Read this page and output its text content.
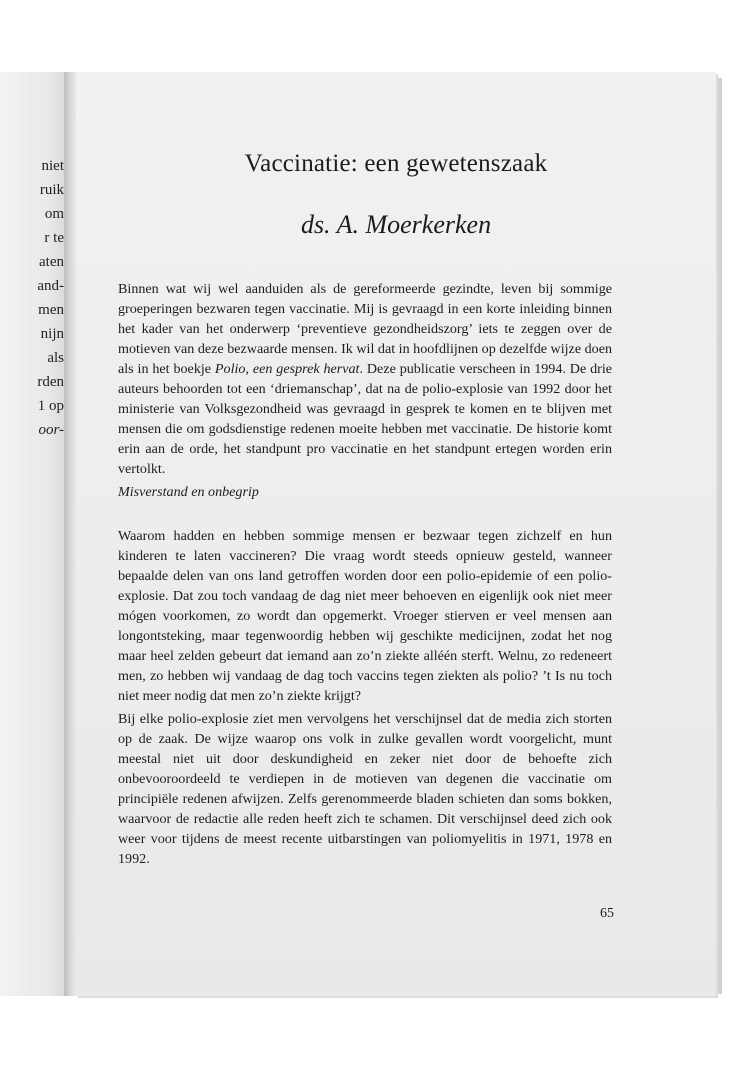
niet
ruik
om
r te
aten
and-
men
nijn
als
rden
1 op
oor-
Vaccinatie: een gewetenszaak
ds. A. Moerkerken

Binnen wat wij wel aanduiden als de gereformeerde gezindte, leven bij sommige groeperingen bezwaren tegen vaccinatie. Mij is gevraagd in een korte inleiding binnen het kader van het onderwerp ‘preventieve gezondheidszorg’ iets te zeggen over de motieven van deze bezwaarde mensen. Ik wil dat in hoofdlijnen op dezelfde wijze doen als in het boekje Polio, een gesprek hervat. Deze publicatie verscheen in 1994. De drie auteurs behoorden tot een ‘driemanschap’, dat na de polio-explosie van 1992 door het ministerie van Volksgezondheid was gevraagd in gesprek te komen en te blijven met mensen die om godsdienstige redenen moeite hebben met vaccinatie. De historie komt erin aan de orde, het standpunt pro vaccinatie en het standpunt ertegen worden erin vertolkt.

Misverstand en onbegrip

Waarom hadden en hebben sommige mensen er bezwaar tegen zichzelf en hun kinderen te laten vaccineren? Die vraag wordt steeds opnieuw gesteld, wanneer bepaalde delen van ons land getroffen worden door een polio-epidemie of een polio-explosie. Dat zou toch vandaag de dag niet meer behoeven en eigenlijk ook niet meer mógen voorkomen, zo wordt dan opgemerkt. Vroeger stierven er veel mensen aan longontsteking, maar tegenwoordig hebben wij geschikte medicijnen, zodat het nog maar heel zelden gebeurt dat iemand aan zo’n ziekte alléén sterft. Welnu, zo redeneert men, zo hebben wij vandaag de dag toch vaccins tegen ziekten als polio? ’t Is nu toch niet meer nodig dat men zo’n ziekte krijgt?

Bij elke polio-explosie ziet men vervolgens het verschijnsel dat de media zich storten op de zaak. De wijze waarop ons volk in zulke gevallen wordt voorgelicht, munt meestal niet uit door deskundigheid en zeker niet door de behoefte zich onbevooroordeeld te verdiepen in de motieven van degenen die vaccinatie om principiële redenen afwijzen. Zelfs gerenommeerde bladen schieten dan soms bokken, waarvoor de redactie alle reden heeft zich te schamen. Dit verschijnsel deed zich ook weer voor tijdens de meest recente uitbarstingen van poliomyelitis in 1971, 1978 en 1992.

65
